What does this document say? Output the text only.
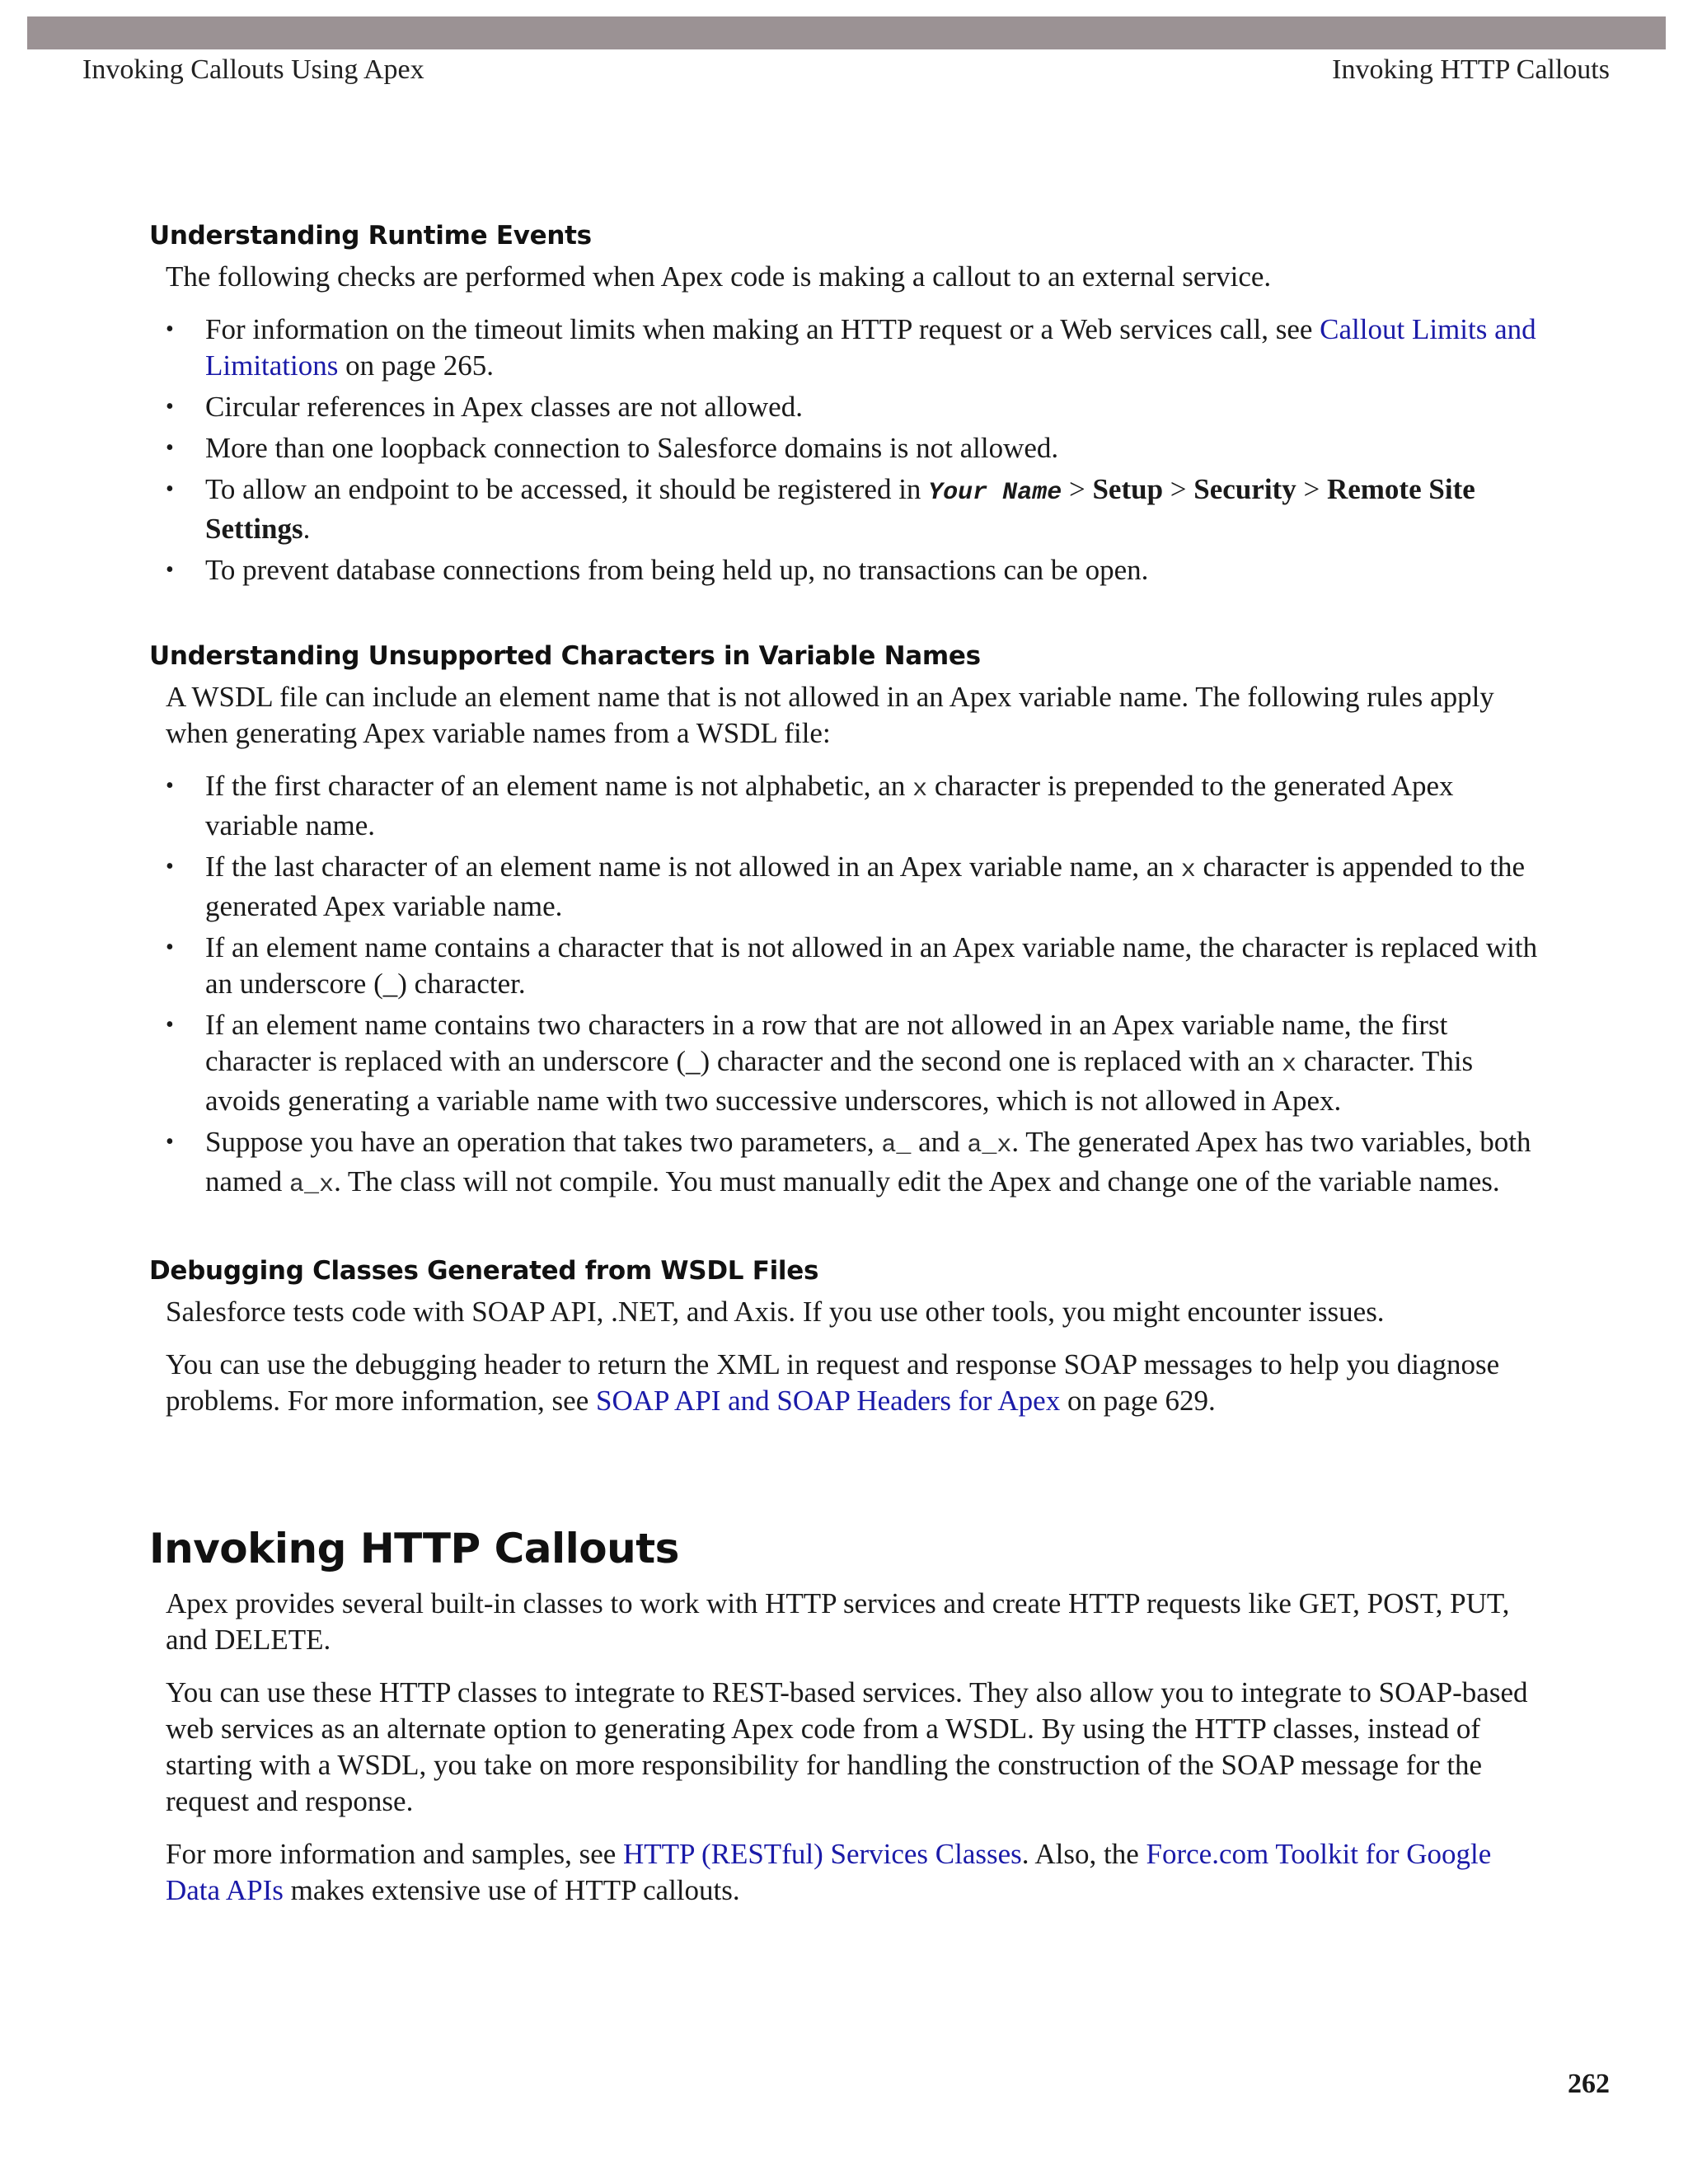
Invoking Callouts Using Apex	Invoking HTTP Callouts
Understanding Runtime Events

The following checks are performed when Apex code is making a callout to an external service.

• For information on the timeout limits when making an HTTP request or a Web services call, see Callout Limits and Limitations on page 265.
• Circular references in Apex classes are not allowed.
• More than one loopback connection to Salesforce domains is not allowed.
• To allow an endpoint to be accessed, it should be registered in Your Name > Setup > Security > Remote Site Settings.
• To prevent database connections from being held up, no transactions can be open.
Understanding Unsupported Characters in Variable Names

A WSDL file can include an element name that is not allowed in an Apex variable name. The following rules apply when generating Apex variable names from a WSDL file:

• If the first character of an element name is not alphabetic, an x character is prepended to the generated Apex variable name.
• If the last character of an element name is not allowed in an Apex variable name, an x character is appended to the generated Apex variable name.
• If an element name contains a character that is not allowed in an Apex variable name, the character is replaced with an underscore (_) character.
• If an element name contains two characters in a row that are not allowed in an Apex variable name, the first character is replaced with an underscore (_) character and the second one is replaced with an x character. This avoids generating a variable name with two successive underscores, which is not allowed in Apex.
• Suppose you have an operation that takes two parameters, a_ and a_x. The generated Apex has two variables, both named a_x. The class will not compile. You must manually edit the Apex and change one of the variable names.
Debugging Classes Generated from WSDL Files

Salesforce tests code with SOAP API, .NET, and Axis. If you use other tools, you might encounter issues.

You can use the debugging header to return the XML in request and response SOAP messages to help you diagnose problems. For more information, see SOAP API and SOAP Headers for Apex on page 629.

Invoking HTTP Callouts

Apex provides several built-in classes to work with HTTP services and create HTTP requests like GET, POST, PUT, and DELETE.

You can use these HTTP classes to integrate to REST-based services. They also allow you to integrate to SOAP-based web services as an alternate option to generating Apex code from a WSDL. By using the HTTP classes, instead of starting with a WSDL, you take on more responsibility for handling the construction of the SOAP message for the request and response.

For more information and samples, see HTTP (RESTful) Services Classes. Also, the Force.com Toolkit for Google Data APIs makes extensive use of HTTP callouts.

262
